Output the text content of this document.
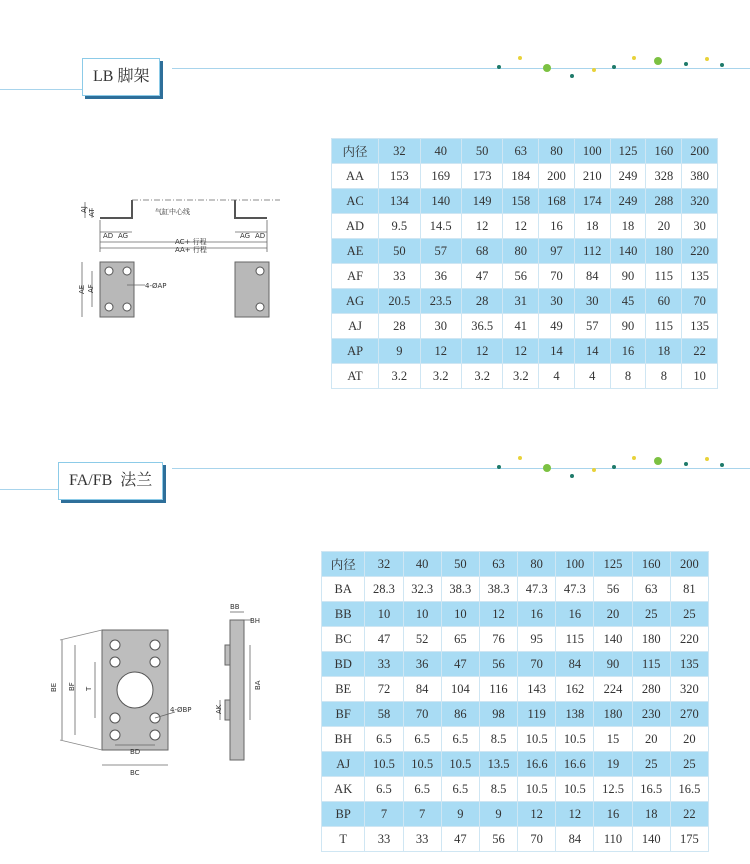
LB 脚架
气缸中心线
AD AG	AG AD
AC+ 行程
AA+ 行程
AJ AT
AE AF	4-ØAP
内径	32	40	50	63	80	100	125	160	200
AA	153	169	173	184	200	210	249	328	380
AC	134	140	149	158	168	174	249	288	320
AD	9.5	14.5	12	12	16	18	18	20	30
AE	50	57	68	80	97	112	140	180	220
AF	33	36	47	56	70	84	90	115	135
AG	20.5	23.5	28	31	30	30	45	60	70
AJ	28	30	36.5	41	49	57	90	115	135
AP	9	12	12	12	14	14	16	18	22
AT	3.2	3.2	3.2	3.2	4	4	8	8	10
FA/FB  法兰
BE BF T
BD
BC
4-ØBP
BB
BH
AK
BA
内径	32	40	50	63	80	100	125	160	200
BA	28.3	32.3	38.3	38.3	47.3	47.3	56	63	81
BB	10	10	10	12	16	16	20	25	25
BC	47	52	65	76	95	115	140	180	220
BD	33	36	47	56	70	84	90	115	135
BE	72	84	104	116	143	162	224	280	320
BF	58	70	86	98	119	138	180	230	270
BH	6.5	6.5	6.5	8.5	10.5	10.5	15	20	20
AJ	10.5	10.5	10.5	13.5	16.6	16.6	19	25	25
AK	6.5	6.5	6.5	8.5	10.5	10.5	12.5	16.5	16.5
BP	7	7	9	9	12	12	16	18	22
T	33	33	47	56	70	84	110	140	175
